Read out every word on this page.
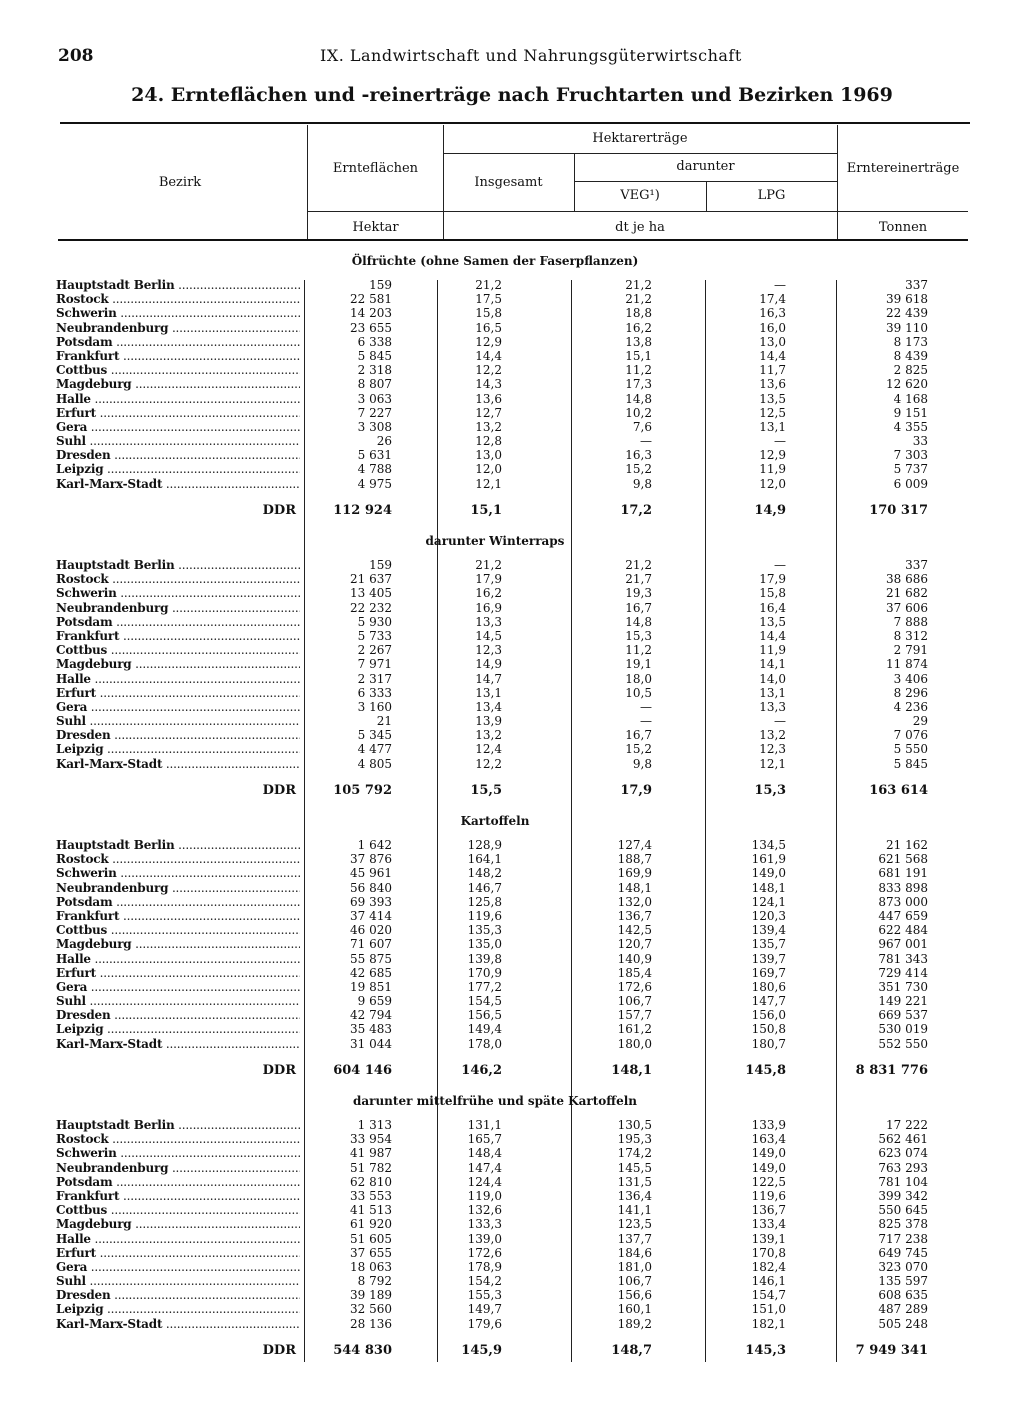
208	IX. Landwirtschaft und Nahrungsgüterwirtschaft
24. Ernteflächen und -reinerträge nach Fruchtarten und Bezirken 1969
Bezirk
Ernteflächen
Hektarerträge
Insgesamt
darunter
VEG¹)	LPG
Erntereinerträge
Hektar	dt je ha	Tonnen
Ölfrüchte (ohne Samen der Faserpflanzen)
Hauptstadt Berlin .....	159	21,2	21,2	—	337
Rostock .....	22 581	17,5	21,2	17,4	39 618
Schwerin .....	14 203	15,8	18,8	16,3	22 439
Neubrandenburg .....	23 655	16,5	16,2	16,0	39 110
Potsdam .....	6 338	12,9	13,8	13,0	8 173
Frankfurt .....	5 845	14,4	15,1	14,4	8 439
Cottbus .....	2 318	12,2	11,2	11,7	2 825
Magdeburg .....	8 807	14,3	17,3	13,6	12 620
Halle .....	3 063	13,6	14,8	13,5	4 168
Erfurt .....	7 227	12,7	10,2	12,5	9 151
Gera .....	3 308	13,2	7,6	13,1	4 355
Suhl .....	26	12,8	—	—	33
Dresden .....	5 631	13,0	16,3	12,9	7 303
Leipzig .....	4 788	12,0	15,2	11,9	5 737
Karl-Marx-Stadt .....	4 975	12,1	9,8	12,0	6 009
DDR	112 924	15,1	17,2	14,9	170 317
darunter Winterraps
Hauptstadt Berlin .....	159	21,2	21,2	—	337
Rostock .....	21 637	17,9	21,7	17,9	38 686
Schwerin .....	13 405	16,2	19,3	15,8	21 682
Neubrandenburg .....	22 232	16,9	16,7	16,4	37 606
Potsdam .....	5 930	13,3	14,8	13,5	7 888
Frankfurt .....	5 733	14,5	15,3	14,4	8 312
Cottbus .....	2 267	12,3	11,2	11,9	2 791
Magdeburg .....	7 971	14,9	19,1	14,1	11 874
Halle .....	2 317	14,7	18,0	14,0	3 406
Erfurt .....	6 333	13,1	10,5	13,1	8 296
Gera .....	3 160	13,4	—	13,3	4 236
Suhl .....	21	13,9	—	—	29
Dresden .....	5 345	13,2	16,7	13,2	7 076
Leipzig .....	4 477	12,4	15,2	12,3	5 550
Karl-Marx-Stadt .....	4 805	12,2	9,8	12,1	5 845
DDR	105 792	15,5	17,9	15,3	163 614
Kartoffeln
Hauptstadt Berlin .....	1 642	128,9	127,4	134,5	21 162
Rostock .....	37 876	164,1	188,7	161,9	621 568
Schwerin .....	45 961	148,2	169,9	149,0	681 191
Neubrandenburg .....	56 840	146,7	148,1	148,1	833 898
Potsdam .....	69 393	125,8	132,0	124,1	873 000
Frankfurt .....	37 414	119,6	136,7	120,3	447 659
Cottbus .....	46 020	135,3	142,5	139,4	622 484
Magdeburg .....	71 607	135,0	120,7	135,7	967 001
Halle .....	55 875	139,8	140,9	139,7	781 343
Erfurt .....	42 685	170,9	185,4	169,7	729 414
Gera .....	19 851	177,2	172,6	180,6	351 730
Suhl .....	9 659	154,5	106,7	147,7	149 221
Dresden .....	42 794	156,5	157,7	156,0	669 537
Leipzig .....	35 483	149,4	161,2	150,8	530 019
Karl-Marx-Stadt .....	31 044	178,0	180,0	180,7	552 550
DDR	604 146	146,2	148,1	145,8	8 831 776
darunter mittelfrühe und späte Kartoffeln
Hauptstadt Berlin .....	1 313	131,1	130,5	133,9	17 222
Rostock .....	33 954	165,7	195,3	163,4	562 461
Schwerin .....	41 987	148,4	174,2	149,0	623 074
Neubrandenburg .....	51 782	147,4	145,5	149,0	763 293
Potsdam .....	62 810	124,4	131,5	122,5	781 104
Frankfurt .....	33 553	119,0	136,4	119,6	399 342
Cottbus .....	41 513	132,6	141,1	136,7	550 645
Magdeburg .....	61 920	133,3	123,5	133,4	825 378
Halle .....	51 605	139,0	137,7	139,1	717 238
Erfurt .....	37 655	172,6	184,6	170,8	649 745
Gera .....	18 063	178,9	181,0	182,4	323 070
Suhl .....	8 792	154,2	106,7	146,1	135 597
Dresden .....	39 189	155,3	156,6	154,7	608 635
Leipzig .....	32 560	149,7	160,1	151,0	487 289
Karl-Marx-Stadt .....	28 136	179,6	189,2	182,1	505 248
DDR	544 830	145,9	148,7	145,3	7 949 341
